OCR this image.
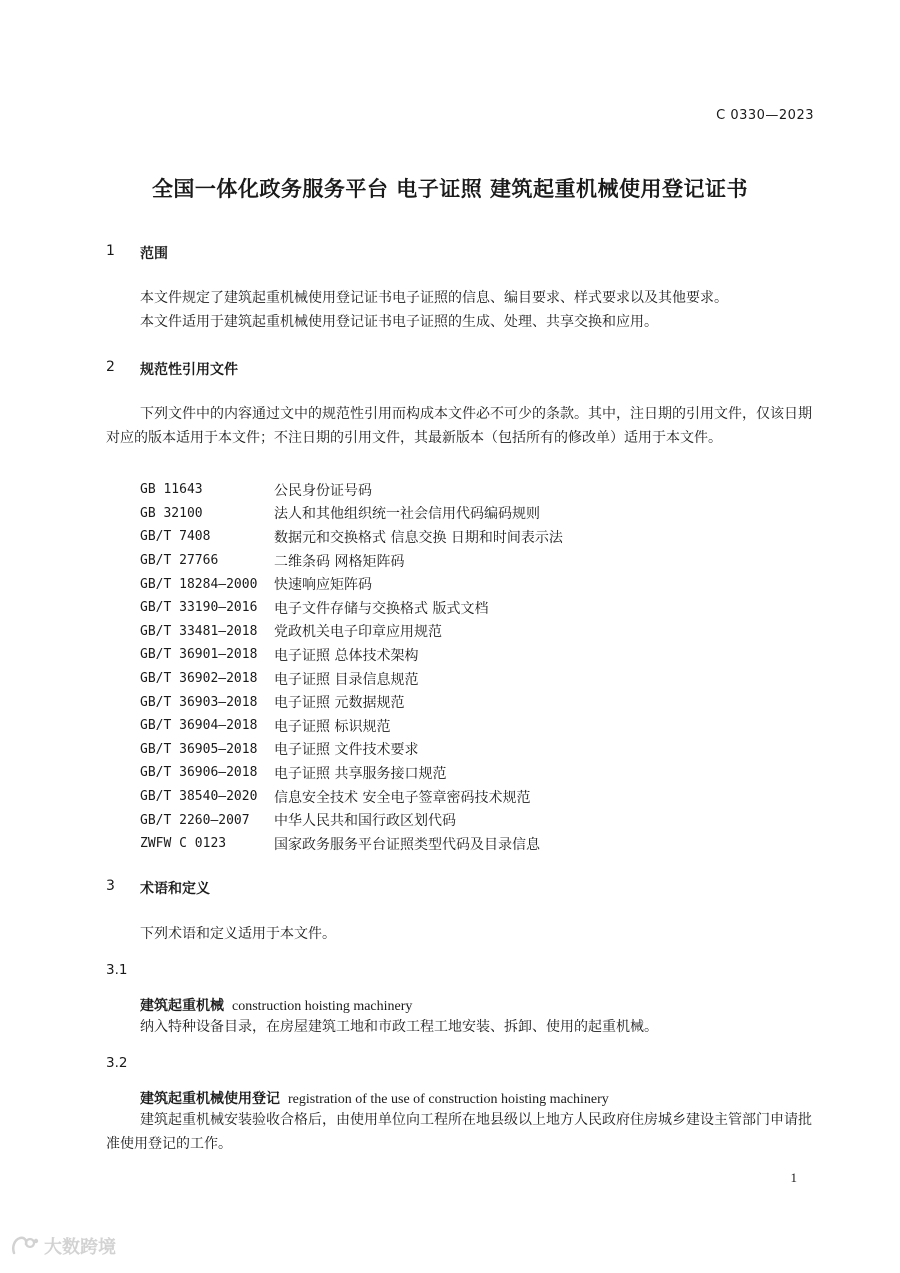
C 0330—2023
全国一体化政务服务平台 电子证照 建筑起重机械使用登记证书
1	范围

本文件规定了建筑起重机械使用登记证书电子证照的信息、编目要求、样式要求以及其他要求。

本文件适用于建筑起重机械使用登记证书电子证照的生成、处理、共享交换和应用。

2	规范性引用文件

下列文件中的内容通过文中的规范性引用而构成本文件必不可少的条款。其中，注日期的引用文件，仅该日期对应的版本适用于本文件；不注日期的引用文件，其最新版本（包括所有的修改单）适用于本文件。

GB 11643	公民身份证号码
GB 32100	法人和其他组织统一社会信用代码编码规则
GB/T 7408	数据元和交换格式 信息交换 日期和时间表示法
GB/T 27766	二维条码 网格矩阵码
GB/T 18284—2000	快速响应矩阵码
GB/T 33190—2016	电子文件存储与交换格式 版式文档
GB/T 33481—2018	党政机关电子印章应用规范
GB/T 36901—2018	电子证照 总体技术架构
GB/T 36902—2018	电子证照 目录信息规范
GB/T 36903—2018	电子证照 元数据规范
GB/T 36904—2018	电子证照 标识规范
GB/T 36905—2018	电子证照 文件技术要求
GB/T 36906—2018	电子证照 共享服务接口规范
GB/T 38540—2020	信息安全技术 安全电子签章密码技术规范
GB/T 2260—2007	中华人民共和国行政区划代码
ZWFW C 0123	国家政务服务平台证照类型代码及目录信息
3	术语和定义

下列术语和定义适用于本文件。

3.1
建筑起重机械 construction hoisting machinery

纳入特种设备目录，在房屋建筑工地和市政工程工地安装、拆卸、使用的起重机械。

3.2
建筑起重机械使用登记 registration of the use of construction hoisting machinery

建筑起重机械安装验收合格后，由使用单位向工程所在地县级以上地方人民政府住房城乡建设主管部门申请批准使用登记的工作。

1
大数跨境
